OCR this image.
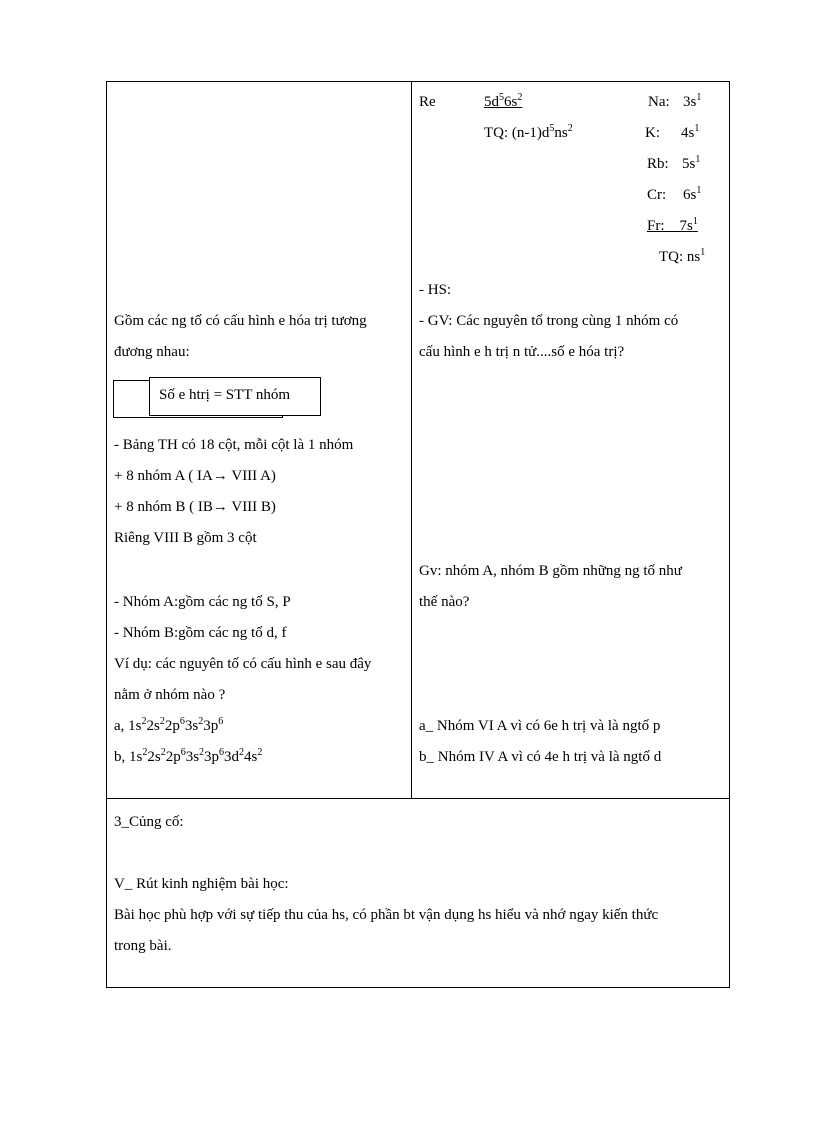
Gồm các ng tố có cấu hình e hóa trị tương
đương nhau:
Số e htrị = STT nhóm
- Bảng TH có 18 cột, mỗi cột là 1 nhóm
+ 8 nhóm A ( IA→ VIII A)
+ 8 nhóm B ( IB→ VIII B)
Riêng VIII B gồm 3 cột
- Nhóm A:gồm các ng tố S, P
- Nhóm B:gồm các ng tố d, f
Ví dụ: các nguyên tố có cấu hình e sau đây
nằm ở nhóm nào ?
a, $1s^22s^22p^63s^23p^6$
b, $1s^22s^22p^63s^23p^63d^24s^2$
Re	$5d^56s^2$
TQ: $(n-1)d^5ns^2$
Na: $3s^1$
K: $4s^1$
Rb: $5s^1$
Cr: $6s^1$
Fr: $7s^1$
TQ: $ns^1$
- HS:
- GV: Các nguyên tố trong cùng 1 nhóm có
cấu hình e h trị n tử....số e hóa trị?
Gv: nhóm A, nhóm B gồm những ng tố như
thế nào?
a_ Nhóm VI A vì có 6e h trị và là ngtố p
b_ Nhóm IV A vì có 4e h trị và là ngtố d
3_Củng cố:
V_ Rút kinh nghiệm bài học:
Bài học phù hợp với sự tiếp thu của hs, có phần bt vận dụng hs hiểu và nhớ ngay kiến thức
trong bài.
